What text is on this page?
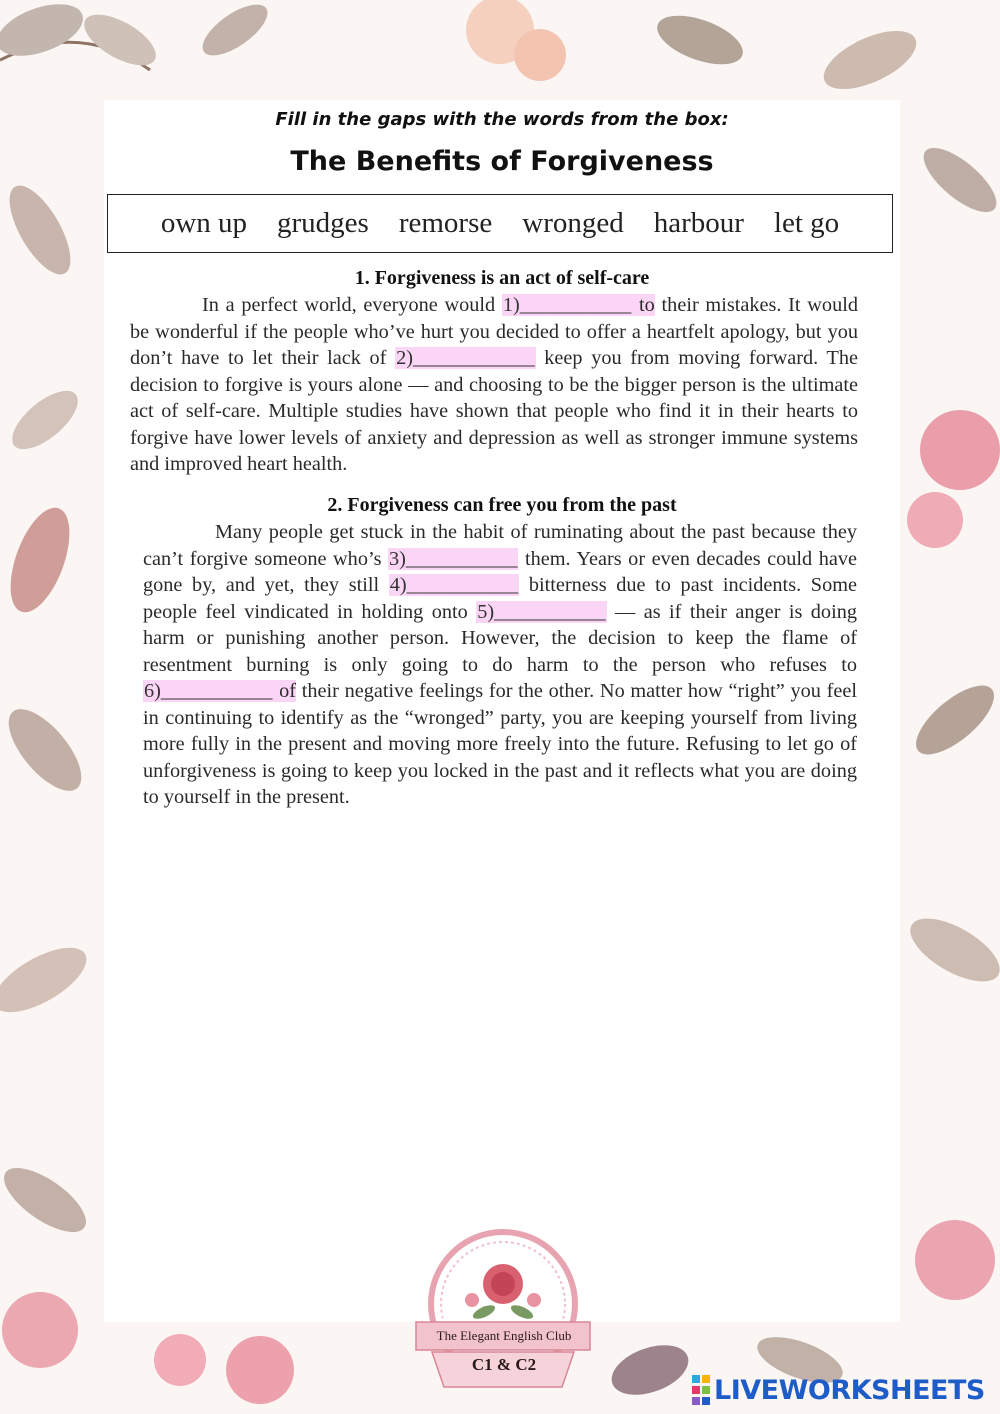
Fill in the gaps with the words from the box:
The Benefits of Forgiveness
own up grudges remorse wronged harbour let go
1. Forgiveness is an act of self-care

In a perfect world, everyone would 1)___________ to their mistakes. It would be wonderful if the people who’ve hurt you decided to offer a heartfelt apology, but you don’t have to let their lack of 2)____________ keep you from moving forward. The decision to forgive is yours alone — and choosing to be the bigger person is the ultimate act of self-care. Multiple studies have shown that people who find it in their hearts to forgive have lower levels of anxiety and depression as well as stronger immune systems and improved heart health.

2. Forgiveness can free you from the past

Many people get stuck in the habit of ruminating about the past because they can’t forgive someone who’s 3)___________ them. Years or even decades could have gone by, and yet, they still 4)___________ bitterness due to past incidents. Some people feel vindicated in holding onto 5)___________ — as if their anger is doing harm or punishing another person. However, the decision to keep the flame of resentment burning is only going to do harm to the person who refuses to 6)___________ of their negative feelings for the other. No matter how “right” you feel in continuing to identify as the “wronged” party, you are keeping yourself from living more fully in the present and moving more freely into the future. Refusing to let go of unforgiveness is going to keep you locked in the past and it reflects what you are doing to yourself in the present.

The Elegant English Club
C1 & C2
LIVEWORKSHEETS
